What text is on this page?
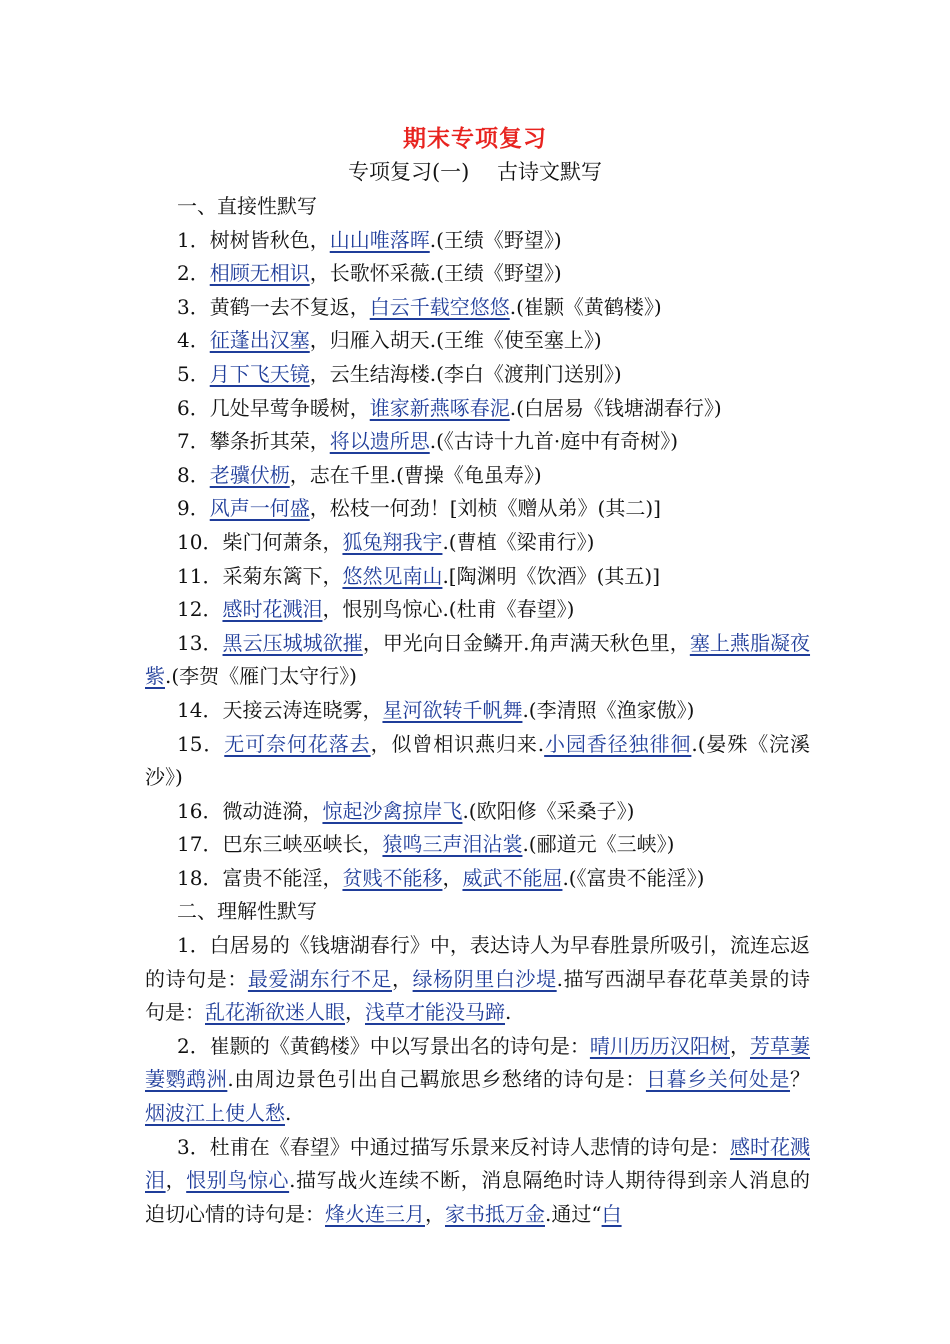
期末专项复习
专项复习(一)　 古诗文默写

一、直接性默写

1．树树皆秋色，山山唯落晖.(王绩《野望》)

2．相顾无相识，长歌怀采薇.(王绩《野望》)

3．黄鹤一去不复返，白云千载空悠悠.(崔颢《黄鹤楼》)

4．征蓬出汉塞，归雁入胡天.(王维《使至塞上》)

5．月下飞天镜，云生结海楼.(李白《渡荆门送别》)

6．几处早莺争暖树，谁家新燕啄春泥.(白居易《钱塘湖春行》)

7．攀条折其荣，将以遗所思.(《古诗十九首·庭中有奇树》)

8．老骥伏枥，志在千里.(曹操《龟虽寿》)

9．风声一何盛，松枝一何劲！[刘桢《赠从弟》(其二)]

10．柴门何萧条，狐兔翔我宇.(曹植《梁甫行》)

11．采菊东篱下，悠然见南山.[陶渊明《饮酒》(其五)]

12．感时花溅泪，恨别鸟惊心.(杜甫《春望》)

13．黑云压城城欲摧，甲光向日金鳞开.角声满天秋色里，塞上燕脂凝夜紫.(李贺《雁门太守行》)

14．天接云涛连晓雾，星河欲转千帆舞.(李清照《渔家傲》)

15．无可奈何花落去，似曾相识燕归来.小园香径独徘徊.(晏殊《浣溪沙》)

16．微动涟漪，惊起沙禽掠岸飞.(欧阳修《采桑子》)

17．巴东三峡巫峡长，猿鸣三声泪沾裳.(郦道元《三峡》)

18．富贵不能淫，贫贱不能移，威武不能屈.(《富贵不能淫》)

二、理解性默写

1．白居易的《钱塘湖春行》中，表达诗人为早春胜景所吸引，流连忘返的诗句是：最爱湖东行不足，绿杨阴里白沙堤.描写西湖早春花草美景的诗句是：乱花渐欲迷人眼，浅草才能没马蹄.

2．崔颢的《黄鹤楼》中以写景出名的诗句是：晴川历历汉阳树，芳草萋萋鹦鹉洲.由周边景色引出自己羁旅思乡愁绪的诗句是：日暮乡关何处是？烟波江上使人愁.

3．杜甫在《春望》中通过描写乐景来反衬诗人悲情的诗句是：感时花溅泪，恨别鸟惊心.描写战火连续不断，消息隔绝时诗人期待得到亲人消息的迫切心情的诗句是：烽火连三月，家书抵万金.通过“白
